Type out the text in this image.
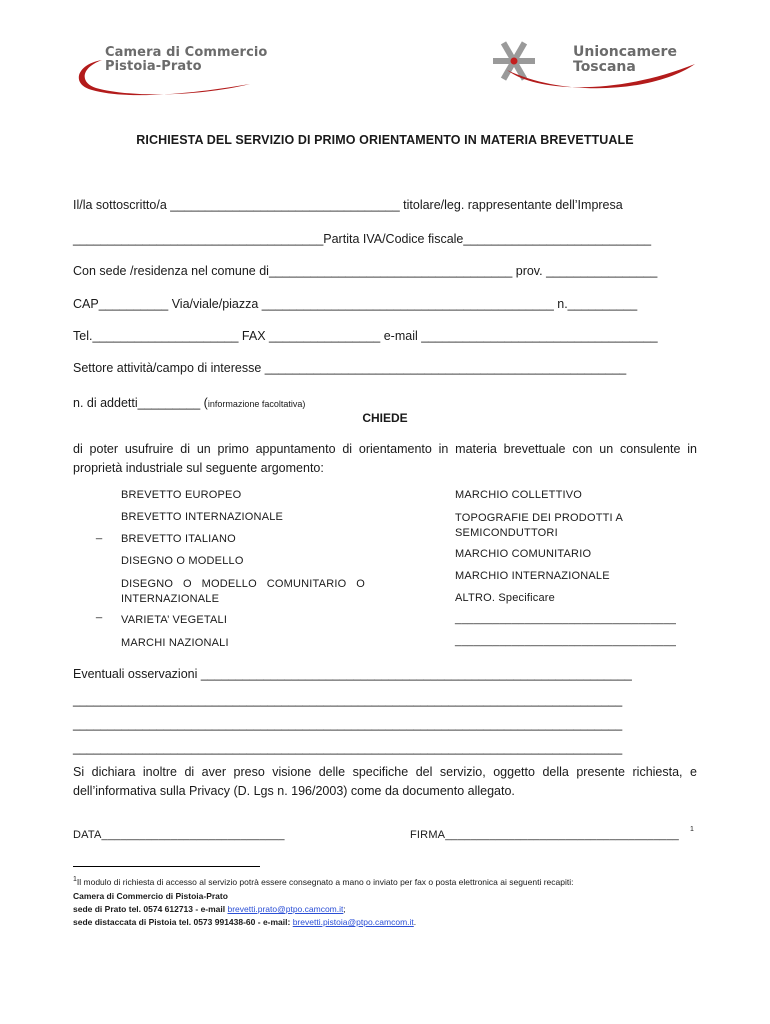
Camera di Commercio
Pistoia-Prato
Unioncamere
Toscana
RICHIESTA DEL SERVIZIO DI PRIMO ORIENTAMENTO IN MATERIA BREVETTUALE
Il/la sottoscritto/a _________________________________ titolare/leg. rappresentante dell’Impresa
____________________________________Partita IVA/Codice fiscale___________________________
Con sede /residenza nel comune di___________________________________ prov. ________________
CAP__________ Via/viale/piazza __________________________________________ n.__________
Tel._____________________ FAX ________________ e-mail __________________________________
Settore attività/campo di interesse ____________________________________________________
n. di addetti_________ (informazione facoltativa)
CHIEDE
di poter usufruire di un primo appuntamento di orientamento in materia brevettuale con un consulente in proprietà industriale sul seguente argomento:
BREVETTO EUROPEO
BREVETTO INTERNAZIONALE
_ BREVETTO ITALIANO
DISEGNO O MODELLO
DISEGNO O MODELLO COMUNITARIO O INTERNAZIONALE
_
VARIETA’ VEGETALI
MARCHI NAZIONALI
MARCHIO COLLETTIVO
TOPOGRAFIE DEI PRODOTTI A SEMICONDUTTORI
MARCHIO COMUNITARIO
MARCHIO INTERNAZIONALE
ALTRO. Specificare
___________________________________
___________________________________
Eventuali osservazioni ______________________________________________________________
_______________________________________________________________________________
_______________________________________________________________________________
_______________________________________________________________________________
Si dichiara inoltre di aver preso visione delle specifiche del servizio, oggetto della presente richiesta, e dell’informativa sulla Privacy (D. Lgs n. 196/2003) come da documento allegato.
DATA_____________________________	FIRMA_____________________________________ 1
$^1$Il modulo di richiesta di accesso al servizio potrà essere consegnato a mano o inviato per fax o posta elettronica ai seguenti recapiti:
Camera di Commercio di Pistoia-Prato
sede di Prato tel. 0574 612713 - e-mail brevetti.prato@ptpo.camcom.it;
sede distaccata di Pistoia tel. 0573 991438-60 - e-mail: brevetti.pistoia@ptpo.camcom.it.
